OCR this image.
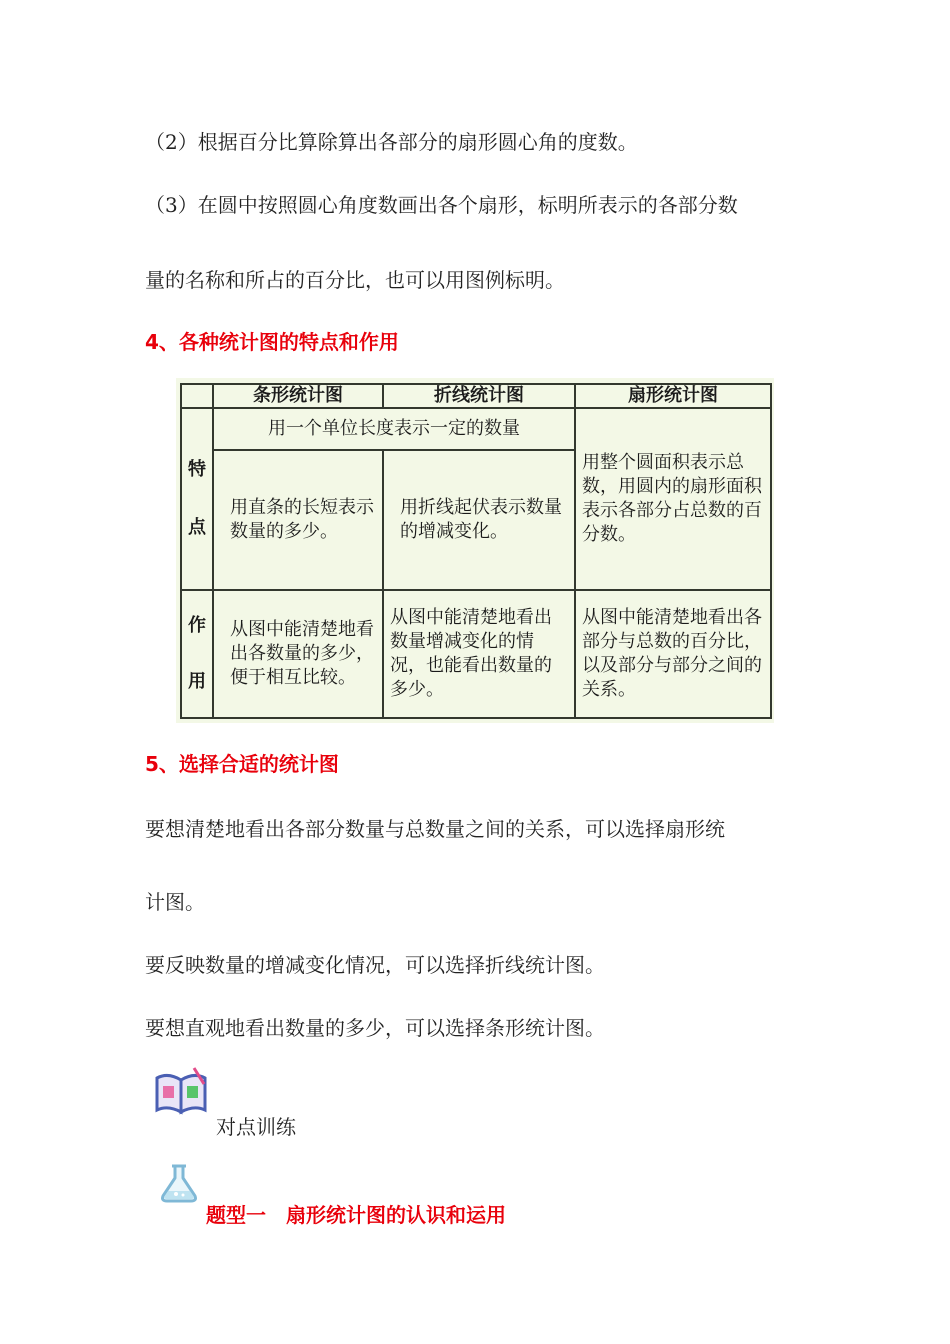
（2）根据百分比算除算出各部分的扇形圆心角的度数。

（3）在圆中按照圆心角度数画出各个扇形，标明所表示的各部分数

量的名称和所占的百分比，也可以用图例标明。

4、各种统计图的特点和作用

	条形统计图	折线统计图	扇形统计图

特
点	用一个单位长度表示一定的数量		用整个圆面积表示总数，用圆内的扇形面积表示各部分占总数的百分数。

	用直条的长短表示数量的多少。	用折线起伏表示数量的增减变化。	

作
用	从图中能清楚地看出各数量的多少，便于相互比较。	从图中能清楚地看出数量增减变化的情况，也能看出数量的多少。	从图中能清楚地看出各部分与总数的百分比，以及部分与部分之间的关系。

5、选择合适的统计图

要想清楚地看出各部分数量与总数量之间的关系，可以选择扇形统

计图。

要反映数量的增减变化情况，可以选择折线统计图。

要想直观地看出数量的多少，可以选择条形统计图。

对点训练

题型一　扇形统计图的认识和运用
